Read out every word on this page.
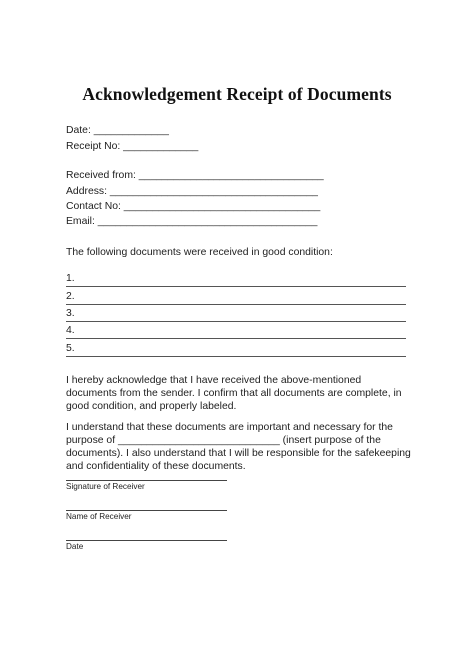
Acknowledgement Receipt of Documents
Date: _____________
Receipt No: _____________
Received from: ________________________________
Address: ____________________________________
Contact No: __________________________________
Email: ______________________________________
The following documents were received in good condition:
1.
2.
3.
4.
5.
I hereby acknowledge that I have received the above-mentioned documents from the sender. I confirm that all documents are complete, in good condition, and properly labeled.
I understand that these documents are important and necessary for the purpose of ____________________________ (insert purpose of the documents). I also understand that I will be responsible for the safekeeping and confidentiality of these documents.
Signature of Receiver
Name of Receiver
Date
